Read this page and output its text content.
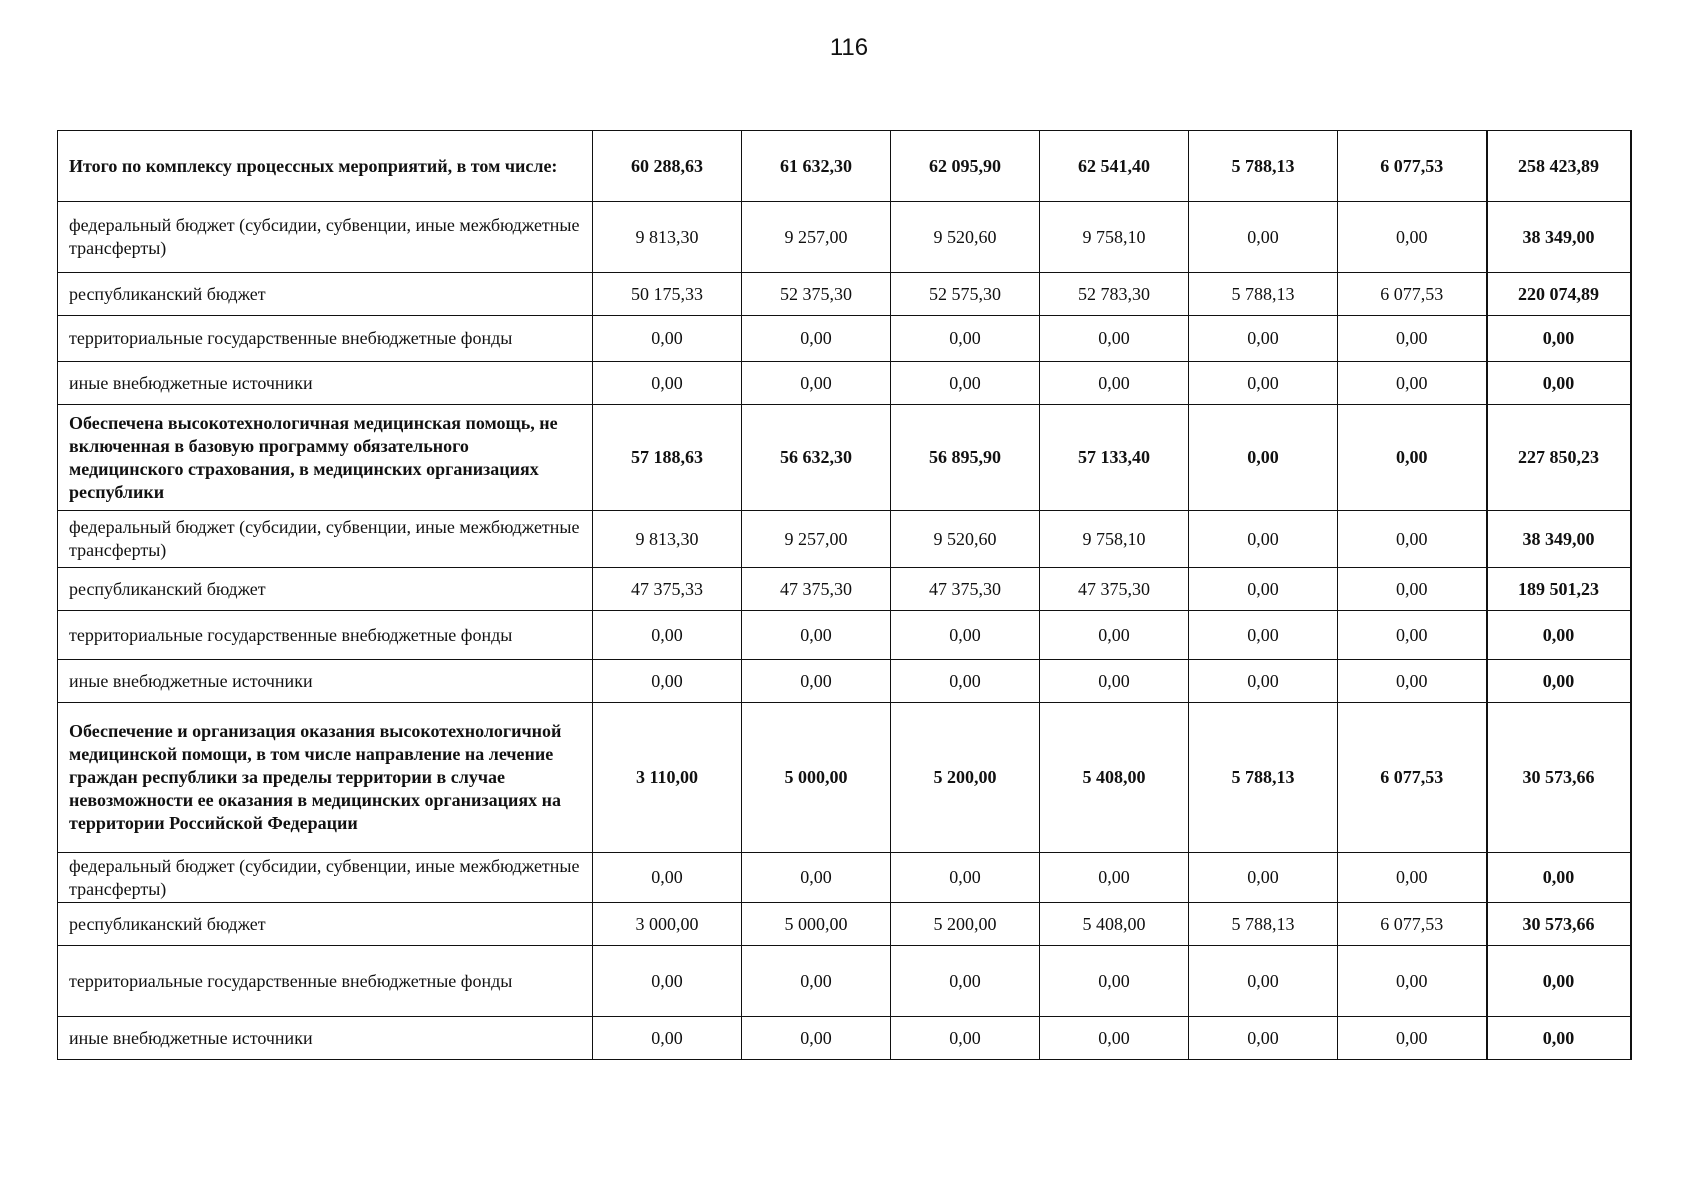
116
Итого по комплексу процессных мероприятий, в том числе:	60 288,63	61 632,30	62 095,90	62 541,40	5 788,13	6 077,53	258 423,89
федеральный бюджет (субсидии, субвенции, иные межбюджетные трансферты)	9 813,30	9 257,00	9 520,60	9 758,10	0,00	0,00	38 349,00
республиканский бюджет	50 175,33	52 375,30	52 575,30	52 783,30	5 788,13	6 077,53	220 074,89
территориальные государственные внебюджетные фонды	0,00	0,00	0,00	0,00	0,00	0,00	0,00
иные внебюджетные источники	0,00	0,00	0,00	0,00	0,00	0,00	0,00
Обеспечена высокотехнологичная медицинская помощь, не включенная в базовую программу обязательного медицинского страхования, в медицинских организациях республики	57 188,63	56 632,30	56 895,90	57 133,40	0,00	0,00	227 850,23
федеральный бюджет (субсидии, субвенции, иные межбюджетные трансферты)	9 813,30	9 257,00	9 520,60	9 758,10	0,00	0,00	38 349,00
республиканский бюджет	47 375,33	47 375,30	47 375,30	47 375,30	0,00	0,00	189 501,23
территориальные государственные внебюджетные фонды	0,00	0,00	0,00	0,00	0,00	0,00	0,00
иные внебюджетные источники	0,00	0,00	0,00	0,00	0,00	0,00	0,00
Обеспечение и организация оказания высокотехнологичной медицинской помощи, в том числе направление на лечение граждан республики за пределы территории в случае невозможности ее оказания в медицинских организациях на территории Российской Федерации	3 110,00	5 000,00	5 200,00	5 408,00	5 788,13	6 077,53	30 573,66
федеральный бюджет (субсидии, субвенции, иные межбюджетные трансферты)	0,00	0,00	0,00	0,00	0,00	0,00	0,00
республиканский бюджет	3 000,00	5 000,00	5 200,00	5 408,00	5 788,13	6 077,53	30 573,66
территориальные государственные внебюджетные фонды	0,00	0,00	0,00	0,00	0,00	0,00	0,00
иные внебюджетные источники	0,00	0,00	0,00	0,00	0,00	0,00	0,00
